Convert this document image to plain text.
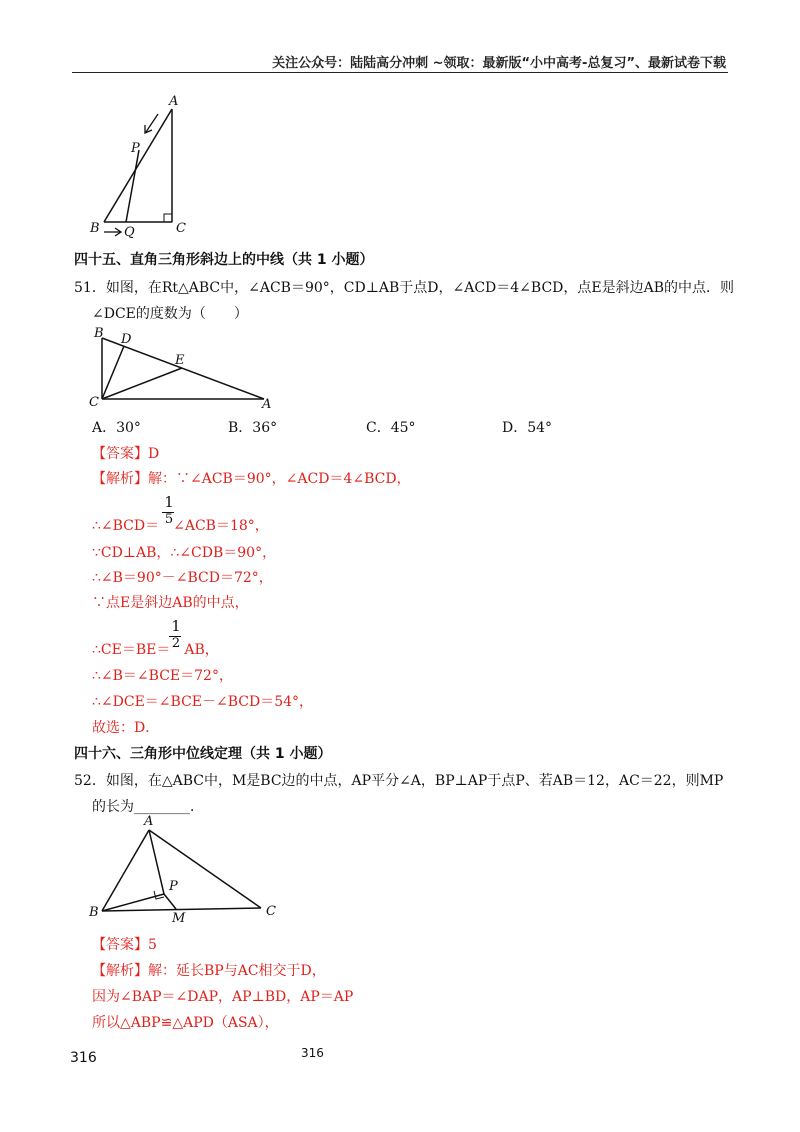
关注公众号：陆陆高分冲刺 ~领取：最新版“小中高考-总复习”、最新试卷下载
A
P
B Q	C
四十五、直角三角形斜边上的中线（共 1 小题）
51．如图，在Rt△ABC中，∠ACB＝90°，CD⊥AB于点D，∠ACD＝4∠BCD，点E是斜边AB的中点．则
∠DCE的度数为（　　）
B D
E
C	A
A．30°	B．36°	C．45°	D．54°
【答案】D
【解析】解：∵∠ACB＝90°，∠ACD＝4∠BCD，
∴∠BCD＝ ∠ACB＝18°，
1
5
∵CD⊥AB，∴∠CDB＝90°，
∴∠B＝90°－∠BCD＝72°，
∵点E是斜边AB的中点，
∴CE＝BE＝ AB，
1
2
∴∠B＝∠BCE＝72°，
∴∠DCE＝∠BCE－∠BCD＝54°，
故选：D．
四十六、三角形中位线定理（共 1 小题）
52．如图，在△ABC中，M是BC边的中点，AP平分∠A，BP⊥AP于点P、若AB＝12，AC＝22，则MP
的长为________．
A
P
B	M	C
【答案】5
【解析】解：延长BP与AC相交于D，
因为∠BAP＝∠DAP，AP⊥BD，AP＝AP
所以△ABP≌△APD（ASA），
316	316
